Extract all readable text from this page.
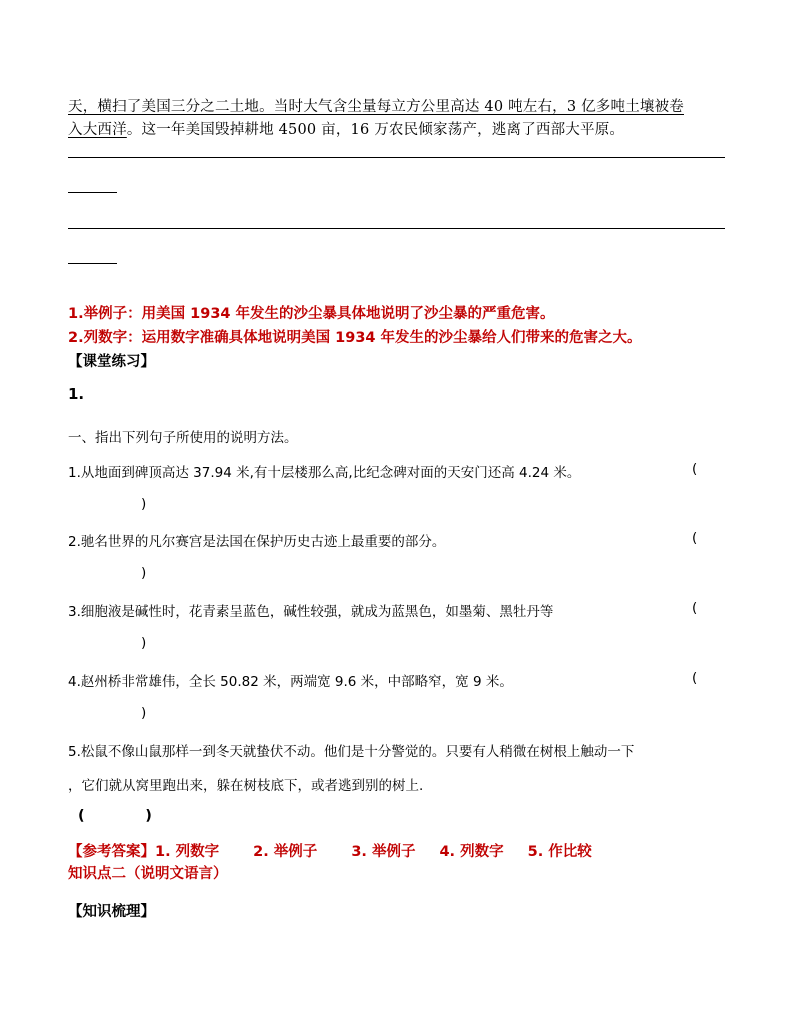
天，横扫了美国三分之二土地。当时大气含尘量每立方公里高达 40 吨左右，3 亿多吨土壤被卷
入大西洋。这一年美国毁掉耕地 4500 亩，16 万农民倾家荡产，逃离了西部大平原。
1.举例子：用美国 1934 年发生的沙尘暴具体地说明了沙尘暴的严重危害。
2.列数字：运用数字准确具体地说明美国 1934 年发生的沙尘暴给人们带来的危害之大。
【课堂练习】
1.
一、指出下列句子所使用的说明方法。
1.从地面到碑顶高达 37.94 米,有十层楼那么高,比纪念碑对面的天安门还高 4.24 米。	(
)
2.驰名世界的凡尔赛宫是法国在保护历史古迹上最重要的部分。	(
)
3.细胞液是碱性时，花青素呈蓝色，碱性较强，就成为蓝黑色，如墨菊、黑牡丹等	(
)
4.赵州桥非常雄伟，全长 50.82 米，两端宽 9.6 米，中部略窄，宽 9 米。	(
)
5.松鼠不像山鼠那样一到冬天就蛰伏不动。他们是十分警觉的。只要有人稍微在树根上触动一下
，它们就从窝里跑出来，躲在树枝底下，或者逃到别的树上.
(            )
【参考答案】1. 列数字 2. 举例子 3. 举例子 4. 列数字 5. 作比较
知识点二（说明文语言）
【知识梳理】
